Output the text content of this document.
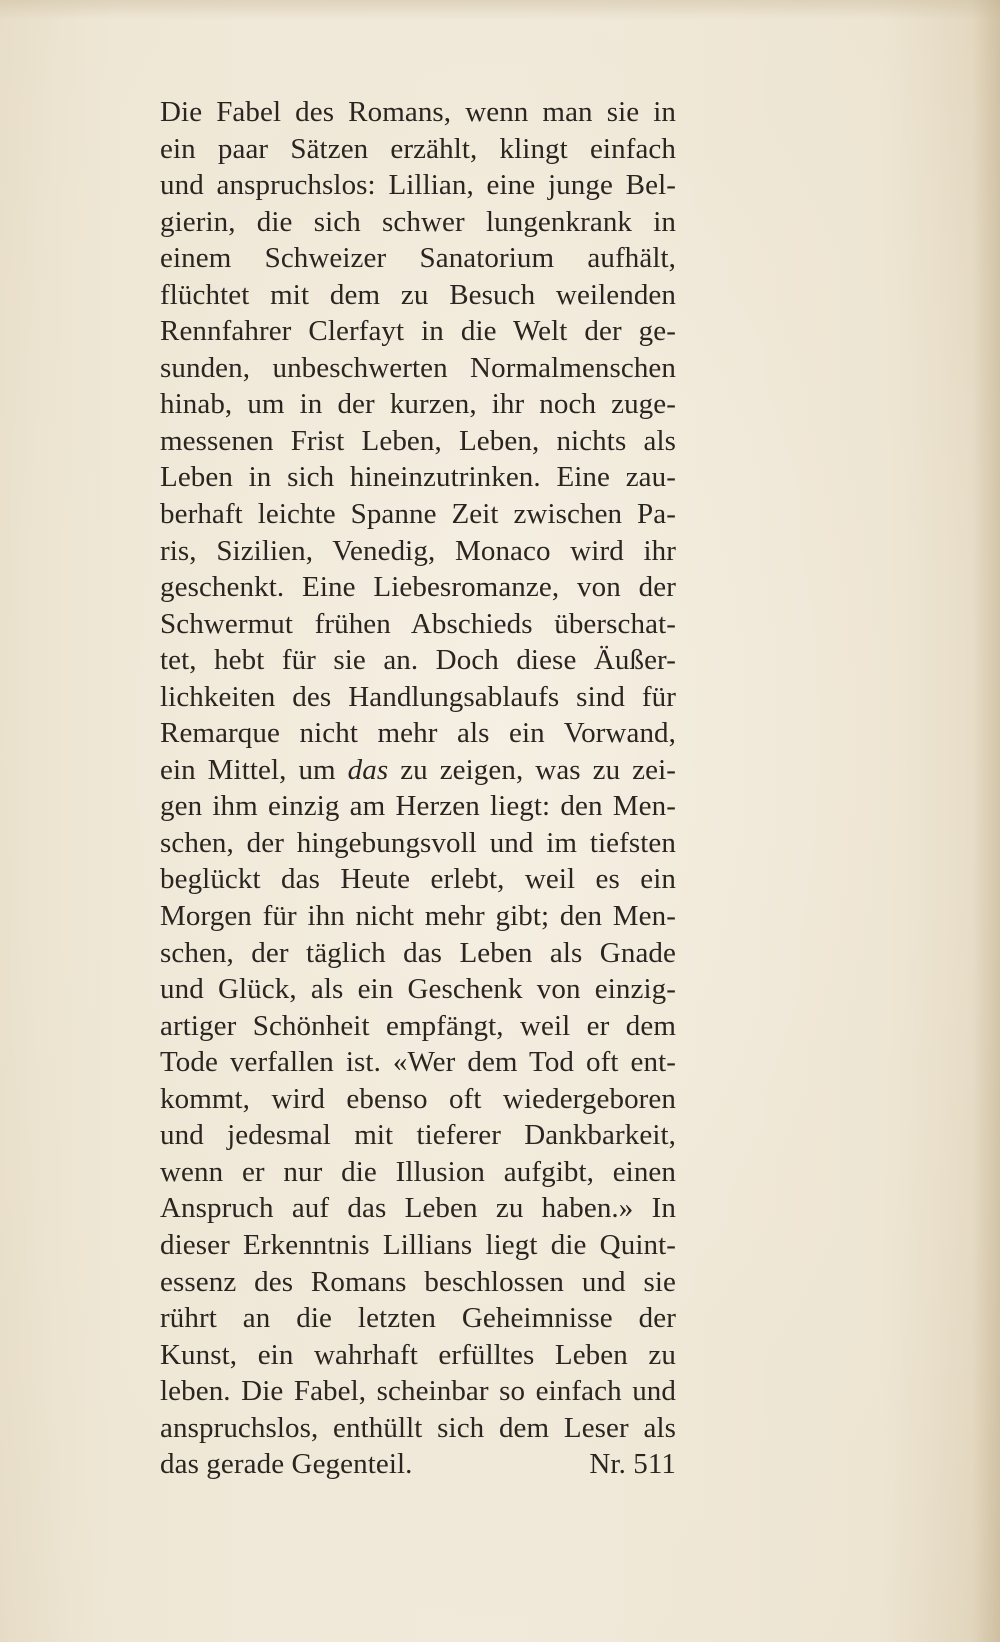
Die Fabel des Romans, wenn man sie in
ein paar Sätzen erzählt, klingt einfach
und anspruchslos: Lillian, eine junge Bel-
gierin, die sich schwer lungenkrank in
einem Schweizer Sanatorium aufhält,
flüchtet mit dem zu Besuch weilenden
Rennfahrer Clerfayt in die Welt der ge-
sunden, unbeschwerten Normalmenschen
hinab, um in der kurzen, ihr noch zuge-
messenen Frist Leben, Leben, nichts als
Leben in sich hineinzutrinken. Eine zau-
berhaft leichte Spanne Zeit zwischen Pa-
ris, Sizilien, Venedig, Monaco wird ihr
geschenkt. Eine Liebesromanze, von der
Schwermut frühen Abschieds überschat-
tet, hebt für sie an. Doch diese Äußer-
lichkeiten des Handlungsablaufs sind für
Remarque nicht mehr als ein Vorwand,
ein Mittel, um das zu zeigen, was zu zei-
gen ihm einzig am Herzen liegt: den Men-
schen, der hingebungsvoll und im tiefsten
beglückt das Heute erlebt, weil es ein
Morgen für ihn nicht mehr gibt; den Men-
schen, der täglich das Leben als Gnade
und Glück, als ein Geschenk von einzig-
artiger Schönheit empfängt, weil er dem
Tode verfallen ist. «Wer dem Tod oft ent-
kommt, wird ebenso oft wiedergeboren
und jedesmal mit tieferer Dankbarkeit,
wenn er nur die Illusion aufgibt, einen
Anspruch auf das Leben zu haben.» In
dieser Erkenntnis Lillians liegt die Quint-
essenz des Romans beschlossen und sie
rührt an die letzten Geheimnisse der
Kunst, ein wahrhaft erfülltes Leben zu
leben. Die Fabel, scheinbar so einfach und
anspruchslos, enthüllt sich dem Leser als
das gerade Gegenteil.	Nr. 511
